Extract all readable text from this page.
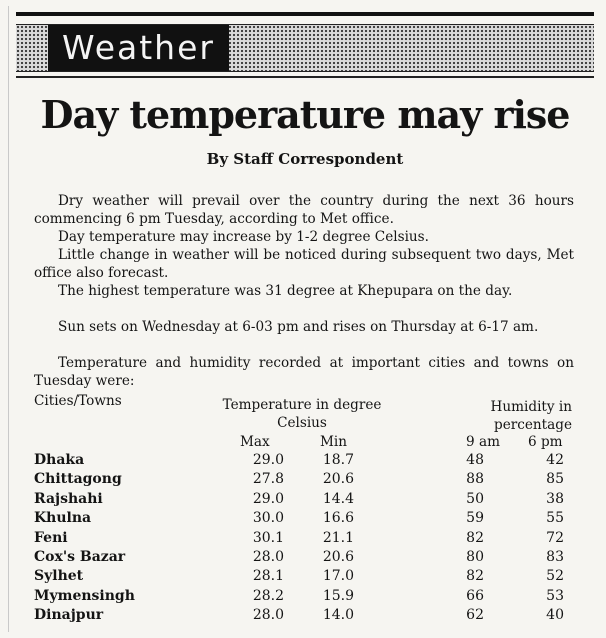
Weather
Day temperature may rise
By Staff Correspondent

Dry weather will prevail over the country during the next 36 hours commencing 6 pm Tuesday, according to Met office.

Day temperature may increase by 1-2 degree Celsius.

Little change in weather will be noticed during subsequent two days, Met office also forecast.

The highest temperature was 31 degree at Khepupara on the day.

Sun sets on Wednesday at 6-03 pm and rises on Thursday at 6-17 am.

Temperature and humidity recorded at important cities and towns on Tuesday were:

Cities/Towns	Temperature in degree Celsius
Humidity in percentage
Max	Min	9 am 6 pm
Dhaka	29.0	18.7	48	42
Chittagong	27.8	20.6	88	85
Rajshahi	29.0	14.4	50	38
Khulna	30.0	16.6	59	55
Feni	30.1	21.1	82	72
Cox's Bazar	28.0	20.6	80	83
Sylhet	28.1	17.0	82	52
Mymensingh	28.2	15.9	66	53
Dinajpur	28.0	14.0	62	40
